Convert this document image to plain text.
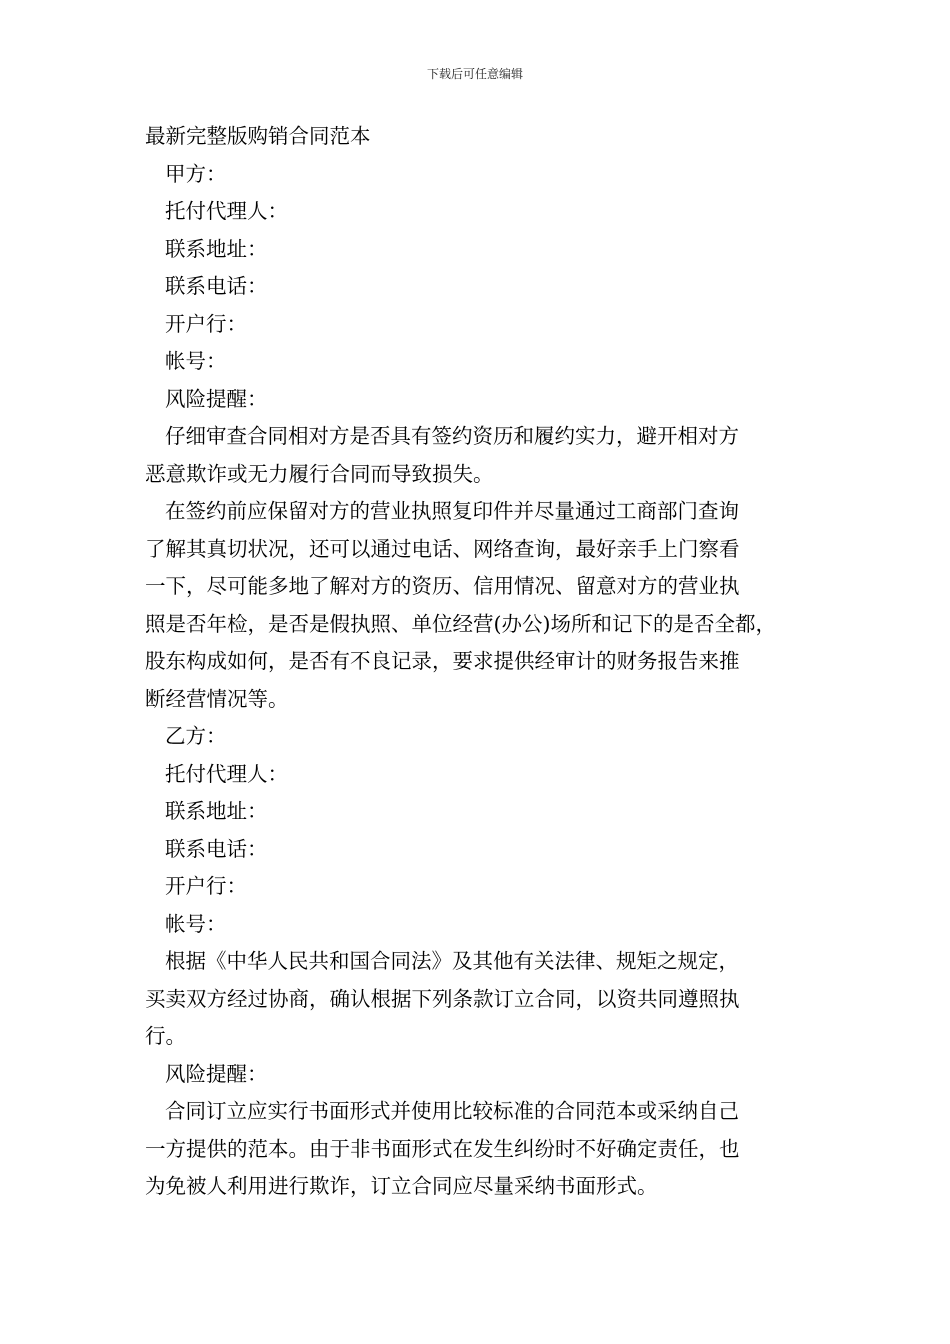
下载后可任意编辑
最新完整版购销合同范本
甲方：
托付代理人：
联系地址：
联系电话：
开户行：
帐号：
风险提醒：
仔细审查合同相对方是否具有签约资历和履约实力，避开相对方
恶意欺诈或无力履行合同而导致损失。
在签约前应保留对方的营业执照复印件并尽量通过工商部门查询
了解其真切状况，还可以通过电话、网络查询，最好亲手上门察看
一下，尽可能多地了解对方的资历、信用情况、留意对方的营业执
照是否年检，是否是假执照、单位经营(办公)场所和记下的是否全都，
股东构成如何，是否有不良记录，要求提供经审计的财务报告来推
断经营情况等。
乙方：
托付代理人：
联系地址：
联系电话：
开户行：
帐号：
根据《中华人民共和国合同法》及其他有关法律、规矩之规定，
买卖双方经过协商，确认根据下列条款订立合同，以资共同遵照执
行。
风险提醒：
合同订立应实行书面形式并使用比较标准的合同范本或采纳自己
一方提供的范本。由于非书面形式在发生纠纷时不好确定责任，也
为免被人利用进行欺诈，订立合同应尽量采纳书面形式。
